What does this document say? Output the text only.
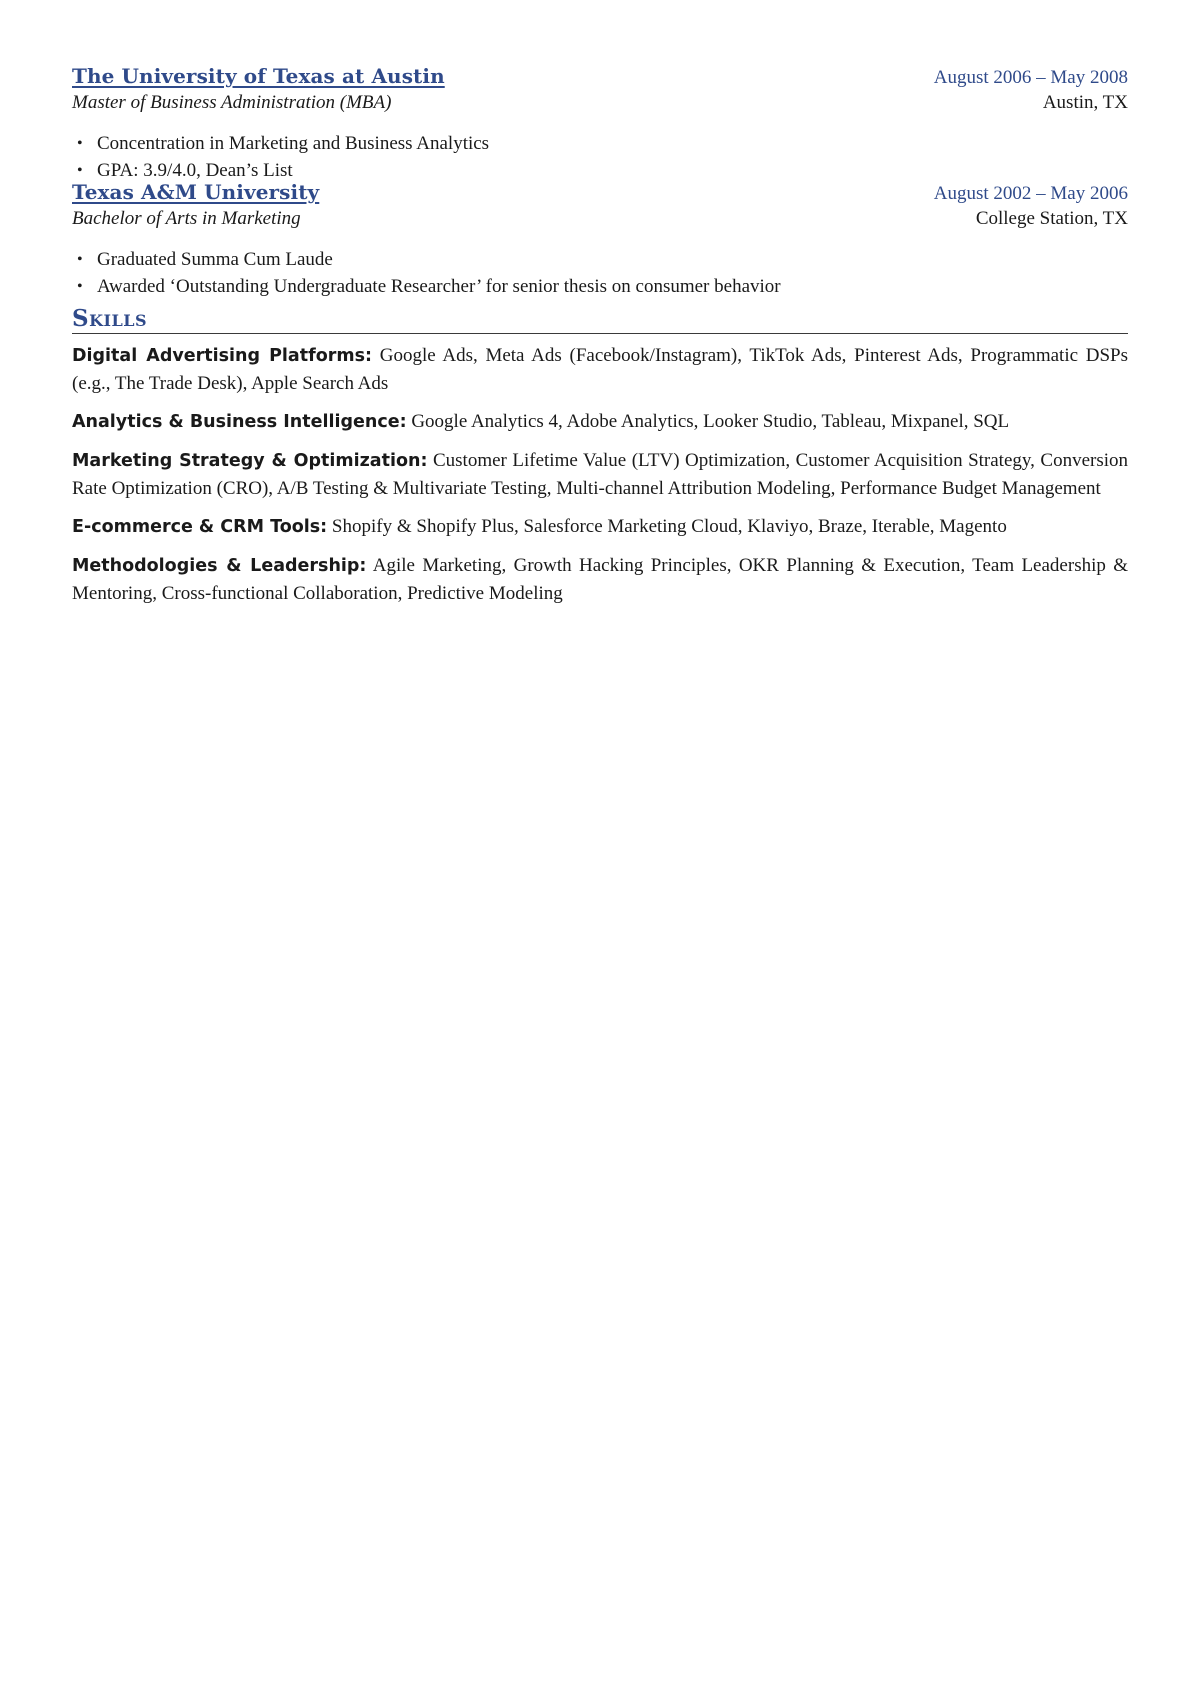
The University of Texas at Austin	August 2006 – May 2008
Master of Business Administration (MBA)	Austin, TX
• Concentration in Marketing and Business Analytics
• GPA: 3.9/4.0, Dean’s List
Texas A&M University	August 2002 – May 2006
Bachelor of Arts in Marketing	College Station, TX
• Graduated Summa Cum Laude
• Awarded ‘Outstanding Undergraduate Researcher’ for senior thesis on consumer behavior
Skills
Digital Advertising Platforms: Google Ads, Meta Ads (Facebook/Instagram), TikTok Ads, Pinterest Ads, Programmatic DSPs (e.g., The Trade Desk), Apple Search Ads
Analytics & Business Intelligence: Google Analytics 4, Adobe Analytics, Looker Studio, Tableau, Mixpanel, SQL
Marketing Strategy & Optimization: Customer Lifetime Value (LTV) Optimization, Customer Acquisition Strategy, Conversion Rate Optimization (CRO), A/B Testing & Multivariate Testing, Multi-channel Attribution Modeling, Performance Budget Management
E-commerce & CRM Tools: Shopify & Shopify Plus, Salesforce Marketing Cloud, Klaviyo, Braze, Iterable, Magento
Methodologies & Leadership: Agile Marketing, Growth Hacking Principles, OKR Planning & Execution, Team Leadership & Mentoring, Cross-functional Collaboration, Predictive Modeling
